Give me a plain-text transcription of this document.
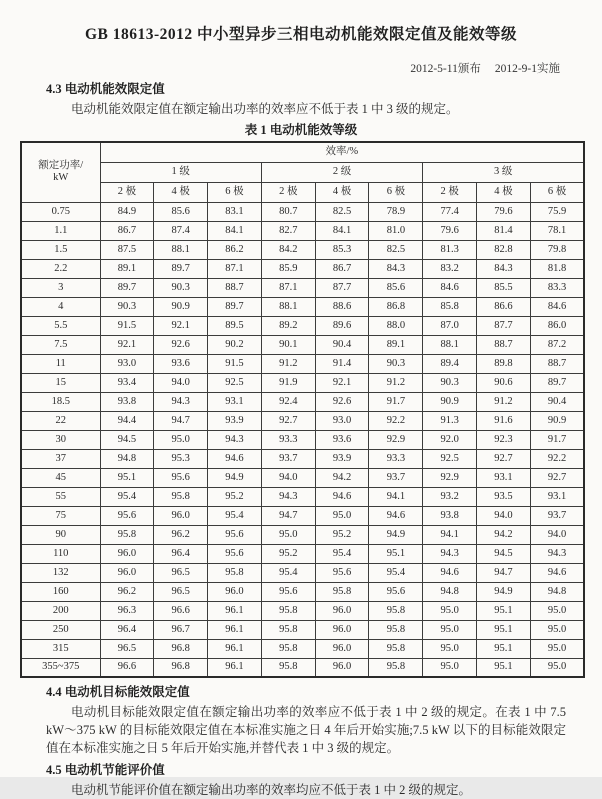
GB 18613-2012 中小型异步三相电动机能效限定值及能效等级
2012-5-11颁布 2012-9-1实施
4.3 电动机能效限定值
电动机能效限定值在额定输出功率的效率应不低于表 1 中 3 级的规定。
表 1 电动机能效等级
额定功率/
kW	效率/%								
	1 级			2 级			3 级		
	2 极	4 极	6 极	2 极	4 极	6 极	2 极	4 极	6 极
0.75	84.9	85.6	83.1	80.7	82.5	78.9	77.4	79.6	75.9
1.1	86.7	87.4	84.1	82.7	84.1	81.0	79.6	81.4	78.1
1.5	87.5	88.1	86.2	84.2	85.3	82.5	81.3	82.8	79.8
2.2	89.1	89.7	87.1	85.9	86.7	84.3	83.2	84.3	81.8
3	89.7	90.3	88.7	87.1	87.7	85.6	84.6	85.5	83.3
4	90.3	90.9	89.7	88.1	88.6	86.8	85.8	86.6	84.6
5.5	91.5	92.1	89.5	89.2	89.6	88.0	87.0	87.7	86.0
7.5	92.1	92.6	90.2	90.1	90.4	89.1	88.1	88.7	87.2
11	93.0	93.6	91.5	91.2	91.4	90.3	89.4	89.8	88.7
15	93.4	94.0	92.5	91.9	92.1	91.2	90.3	90.6	89.7
18.5	93.8	94.3	93.1	92.4	92.6	91.7	90.9	91.2	90.4
22	94.4	94.7	93.9	92.7	93.0	92.2	91.3	91.6	90.9
30	94.5	95.0	94.3	93.3	93.6	92.9	92.0	92.3	91.7
37	94.8	95.3	94.6	93.7	93.9	93.3	92.5	92.7	92.2
45	95.1	95.6	94.9	94.0	94.2	93.7	92.9	93.1	92.7
55	95.4	95.8	95.2	94.3	94.6	94.1	93.2	93.5	93.1
75	95.6	96.0	95.4	94.7	95.0	94.6	93.8	94.0	93.7
90	95.8	96.2	95.6	95.0	95.2	94.9	94.1	94.2	94.0
110	96.0	96.4	95.6	95.2	95.4	95.1	94.3	94.5	94.3
132	96.0	96.5	95.8	95.4	95.6	95.4	94.6	94.7	94.6
160	96.2	96.5	96.0	95.6	95.8	95.6	94.8	94.9	94.8
200	96.3	96.6	96.1	95.8	96.0	95.8	95.0	95.1	95.0
250	96.4	96.7	96.1	95.8	96.0	95.8	95.0	95.1	95.0
315	96.5	96.8	96.1	95.8	96.0	95.8	95.0	95.1	95.0
355~375	96.6	96.8	96.1	95.8	96.0	95.8	95.0	95.1	95.0
4.4 电动机目标能效限定值
电动机目标能效限定值在额定输出功率的效率应不低于表 1 中 2 级的规定。在表 1 中 7.5 kW～375 kW 的目标能效限定值在本标准实施之日 4 年后开始实施;7.5 kW 以下的目标能效限定值在本标准实施之日 5 年后开始实施,并替代表 1 中 3 级的规定。
4.5 电动机节能评价值
电动机节能评价值在额定输出功率的效率均应不低于表 1 中 2 级的规定。
